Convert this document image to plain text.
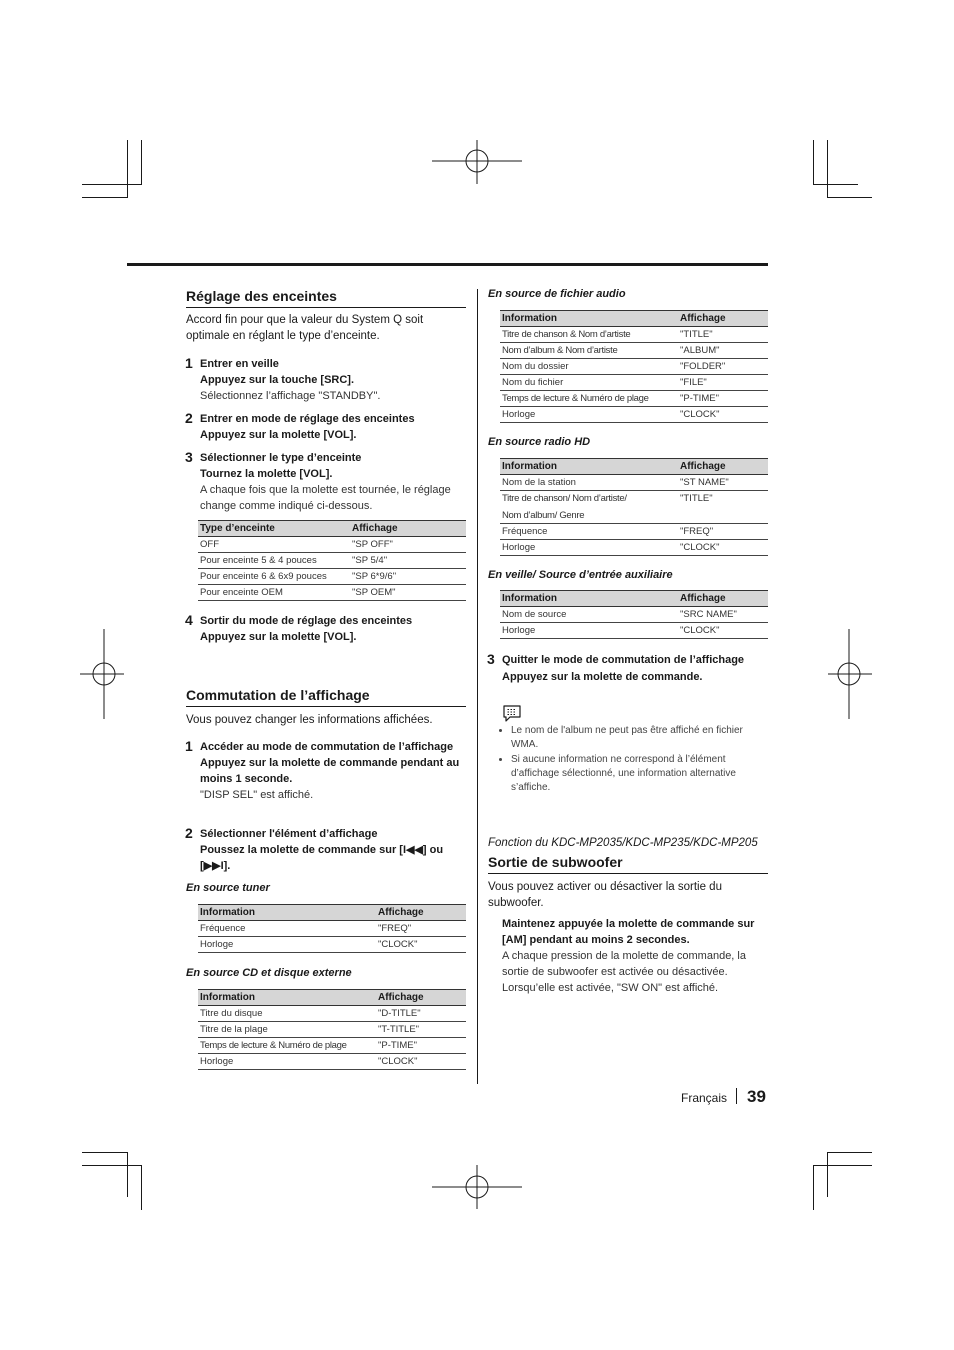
Réglage des enceintes
Accord fin pour que la valeur du System Q soit optimale en réglant le type d’enceinte.
1 Entrer en veille
Appuyez sur la touche [SRC].
Sélectionnez l’affichage "STANDBY".
2 Entrer en mode de réglage des enceintes
Appuyez sur la molette [VOL].
3 Sélectionner le type d’enceinte
Tournez la molette [VOL].
A chaque fois que la molette est tournée, le réglage change comme indiqué ci-dessous.
Type d’enceinte	Affichage
OFF	"SP OFF"
Pour enceinte 5 & 4 pouces	"SP 5/4"
Pour enceinte 6 & 6x9 pouces	"SP 6*9/6"
Pour enceinte OEM	"SP OEM"
4 Sortir du mode de réglage des enceintes
Appuyez sur la molette [VOL].
Commutation de l’affichage
Vous pouvez changer les informations affichées.
1 Accéder au mode de commutation de l’affichage
Appuyez sur la molette de commande pendant au moins 1 seconde.
"DISP SEL" est affiché.
2 Sélectionner l'élément d’affichage
Poussez la molette de commande sur [I◀◀] ou [▶▶I].
En source tuner
Information	Affichage
Fréquence	"FREQ"
Horloge	"CLOCK"
En source CD et disque externe
Information	Affichage
Titre du disque	"D-TITLE"
Titre de la plage	"T-TITLE"
Temps de lecture & Numéro de plage	"P-TIME"
Horloge	"CLOCK"
En source de fichier audio
Information	Affichage
Titre de chanson & Nom d’artiste	"TITLE"
Nom d’album & Nom d’artiste	"ALBUM"
Nom du dossier	"FOLDER"
Nom du fichier	"FILE"
Temps de lecture & Numéro de plage	"P-TIME"
Horloge	"CLOCK"
En source radio HD
Information	Affichage
Nom de la station	"ST NAME"
Titre de chanson/ Nom d’artiste/	"TITLE"
Nom d’album/ Genre	
Fréquence	"FREQ"
Horloge	"CLOCK"
En veille/ Source d’entrée auxiliaire
Information	Affichage
Nom de source	"SRC NAME"
Horloge	"CLOCK"
3 Quitter le mode de commutation de l’affichage
Appuyez sur la molette de commande.
• Le nom de l'album ne peut pas être affiché en fichier WMA.
• Si aucune information ne correspond à l’élément d’affichage sélectionné, une information alternative s’affiche.
Fonction du KDC-MP2035/KDC-MP235/KDC-MP205
Sortie de subwoofer
Vous pouvez activer ou désactiver la sortie du subwoofer.
Maintenez appuyée la molette de commande sur [AM] pendant au moins 2 secondes.
A chaque pression de la molette de commande, la sortie de subwoofer est activée ou désactivée. Lorsqu’elle est activée, "SW ON" est affiché.
Français 39
